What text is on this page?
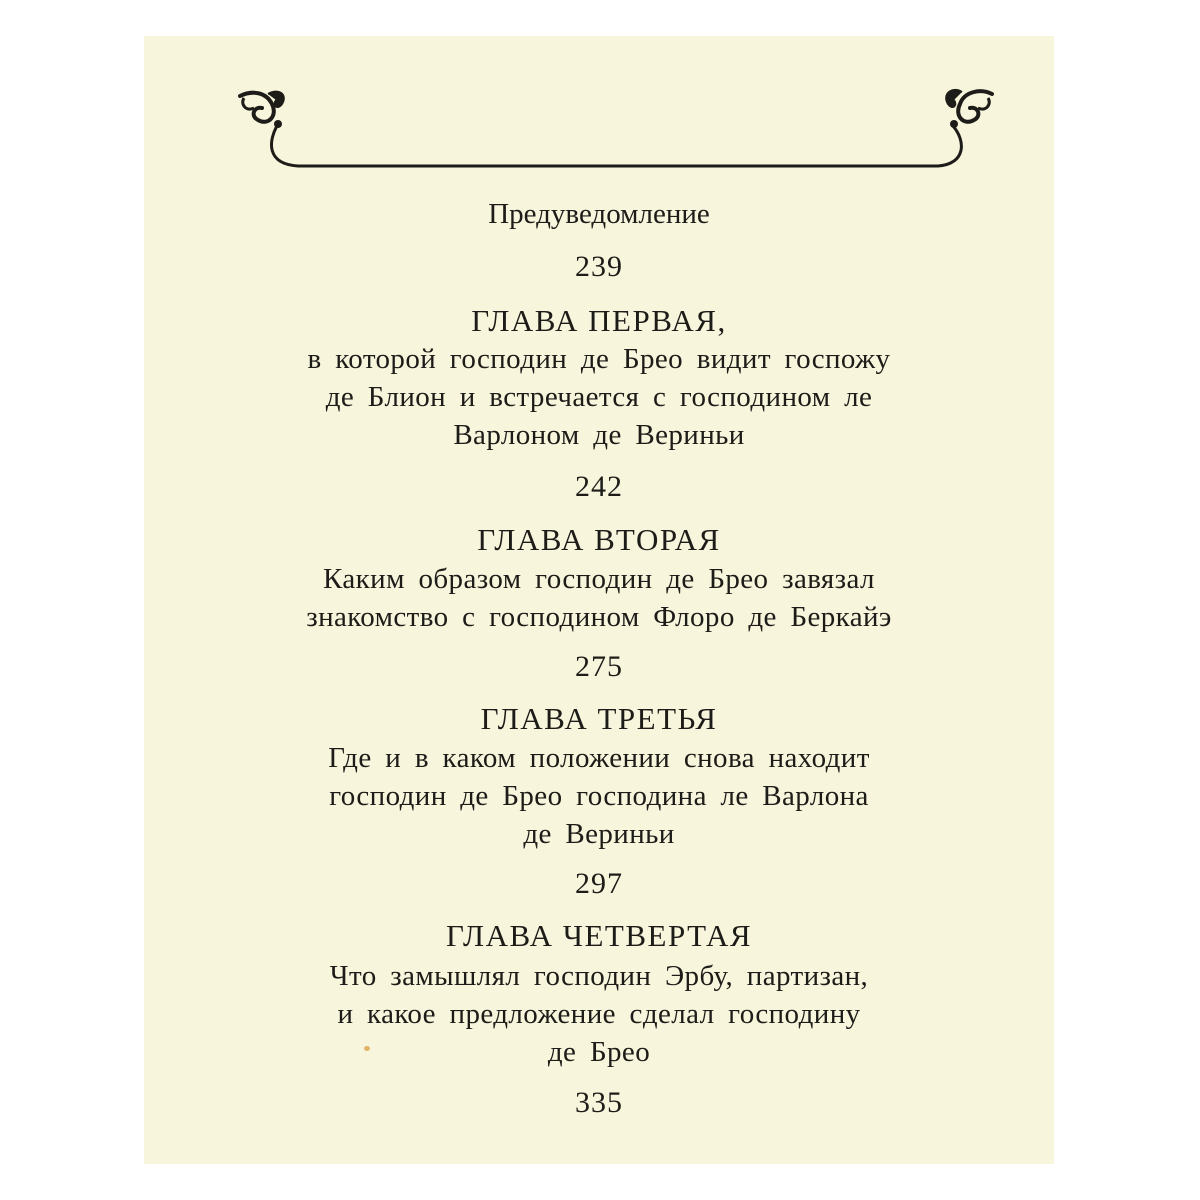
Предуведомление
239
ГЛАВА ПЕРВАЯ,
в которой господин де Брео видит госпожу
де Блион и встречается с господином ле
Варлоном де Вериньи
242
ГЛАВА ВТОРАЯ
Каким образом господин де Брео завязал
знакомство с господином Флоро де Беркайэ
275
ГЛАВА ТРЕТЬЯ
Где и в каком положении снова находит
господин де Брео господина ле Варлона
де Вериньи
297
ГЛАВА ЧЕТВЕРТАЯ
Что замышлял господин Эрбу, партизан,
и какое предложение сделал господину
де Брео
335
